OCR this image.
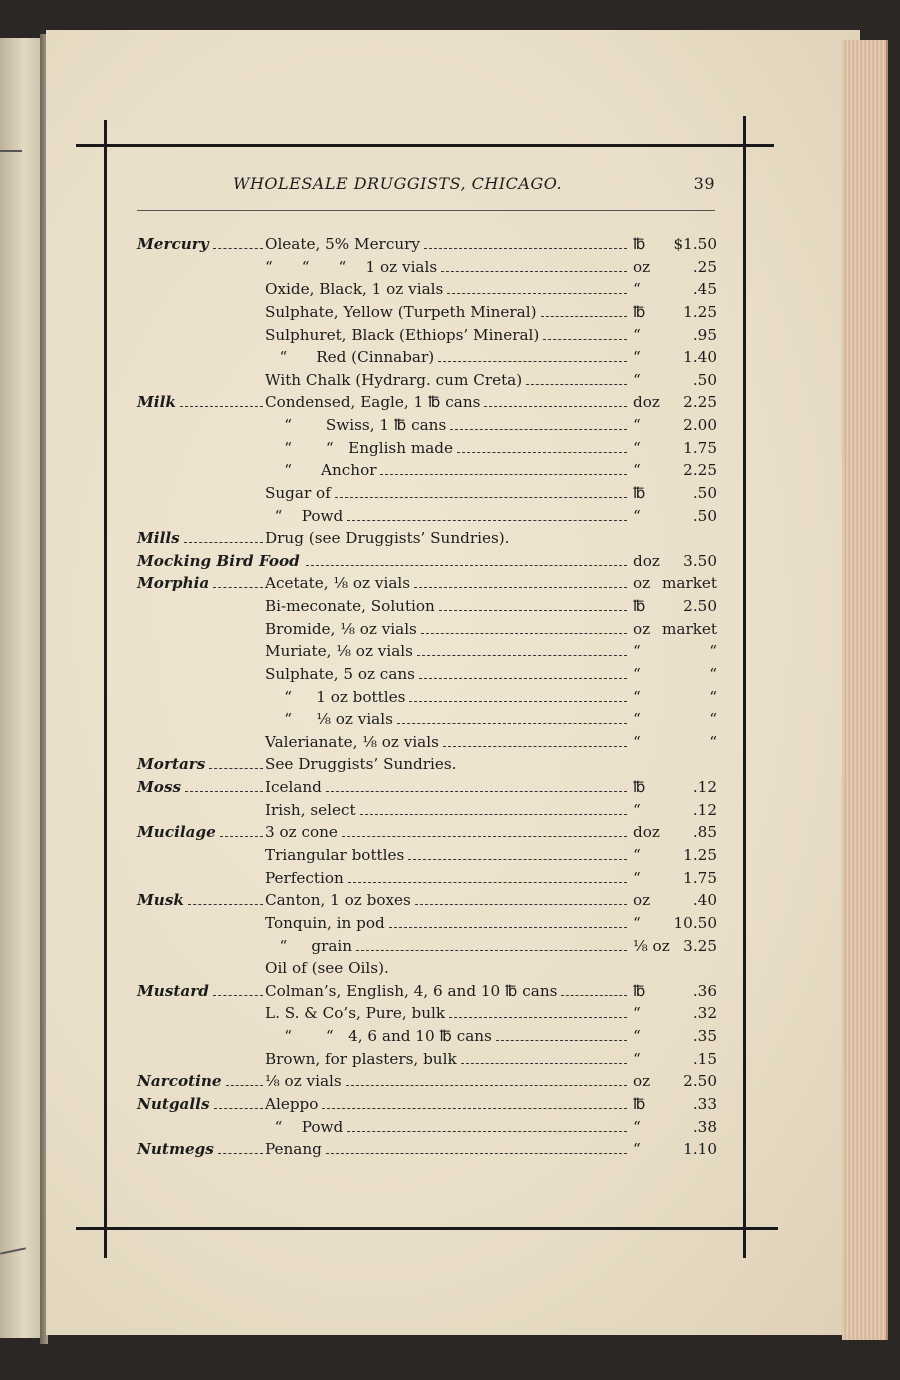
WHOLESALE DRUGGISTS, CHICAGO.	39
Mercury	Oleate, 5% Mercury	℔ $1.50
“      “      “    1 oz vials	oz	.25
Oxide, Black, 1 oz vials	“	.45
Sulphate, Yellow (Turpeth Mineral)	℔ 1.25
Sulphuret, Black (Ethiops’ Mineral)	“	.95
“      Red (Cinnabar)	“	1.40
With Chalk (Hydrarg. cum Creta)	“	.50
Milk	Condensed, Eagle, 1 ℔ cans	doz 2.25
“       Swiss, 1 ℔ cans	“	2.00
“       “   English made	“	1.75
“      Anchor	“	2.25
Sugar of	℔	.50
“    Powd	“	.50
Mills	Drug (see Druggists’ Sundries).
Mocking Bird Food	doz 3.50
Morphia	Acetate, ⅛ oz vials	oz market
Bi-meconate, Solution	℔ 2.50
Bromide, ⅛ oz vials	oz market
Muriate, ⅛ oz vials	“	“
Sulphate, 5 oz cans	“	“
“     1 oz bottles	“	“
“     ⅛ oz vials	“	“
Valerianate, ⅛ oz vials	“	“
Mortars	See Druggists’ Sundries.
Moss	Iceland	℔	.12
Irish, select	“	.12
Mucilage	3 oz cone	doz .85
Triangular bottles	“	1.25
Perfection	“	1.75
Musk	Canton, 1 oz boxes	oz	.40
Tonquin, in pod	“ 10.50
“     grain	⅛ oz 3.25
Oil of (see Oils).
Mustard	Colman’s, English, 4, 6 and 10 ℔ cans	℔	.36
L. S. & Co’s, Pure, bulk	“	.32
“       “   4, 6 and 10 ℔ cans	“	.35
Brown, for plasters, bulk	“	.15
Narcotine	⅛ oz vials	oz 2.50
Nutgalls	Aleppo	℔	.33
“    Powd	“	.38
Nutmegs	Penang	“	1.10
